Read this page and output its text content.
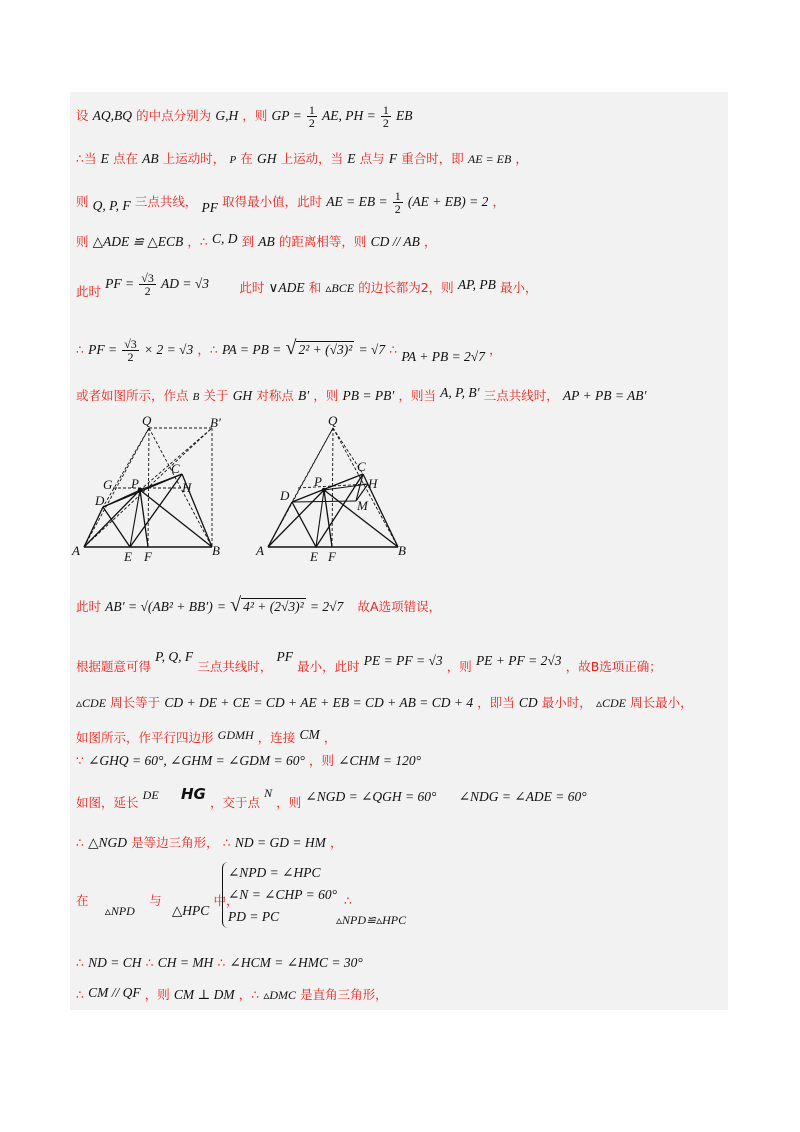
设 AQ,BQ 的中点分别为 G,H ，则 GP = $\frac{1}{2}$ AE, PH = $\frac{1}{2}$ EB
∴当 E 点在 AB 上运动时， P 在 GH 上运动，当 E 点与 F 重合时，即 AE = EB ，
则 Q, P, F 三点共线， PF 取得最小值，此时 AE = EB = $\frac{1}{2} (AE + EB) = 2$ ，
则 △ADE ≌ △ECB ，∴ C, D 到 AB 的距离相等，则 CD // AB ，
此时 PF = $\frac{√3}{2}$ AD = √3 此时 ∨ADE 和 ▵BCE 的边长都为2，则 AP, PB 最小，
∴ PF = $\frac{√3}{2} \times 2 = √3$ ，∴ PA = PB = √ 2² + (√3)² = √7 ∴ PA + PB = 2√7 ，
或者如图所示，作点 B 关于 GH 对称点 B′ ，则 PB = PB′ ，则当 A, P, B′ 三点共线时， AP + PB = AB′
Q	B′
G P
C
H
D
A	E F	B
Q
C
P	H
D
M
A	E F	B
此时 AB′ = √(AB² + BB′) = √ 4² + (2√3)² = 2√7 故A选项错误，
根据题意可得 P, Q, F 三点共线时， PF 最小，此时 PE = PF = √3 ，则 PE + PF = 2√3 ，故B选项正确；
▵CDE 周长等于 CD + DE + CE = CD + AE + EB = CD + AB = CD + 4 ，即当 CD 最小时， ▵CDE 周长最小，
如图所示，作平行四边形 GDMH ，连接 CM ，
∵ ∠GHQ = 60°, ∠GHM = ∠GDM = 60° ，则 ∠CHM = 120°
如图，延长 DE HG ，交于点 N ，则 ∠NGD = ∠QGH = 60° ∠NDG = ∠ADE = 60°
∴ △NGD 是等边三角形， ∴ ND = GD = HM ，
在  ▵NPD  与  △HPC 中，
∠NPD = ∠HPC
∠N = ∠CHP = 60°
PD = PC
∴
▵NPD≌▵HPC
∴ ND = CH ∴ CH = MH ∴ ∠HCM = ∠HMC = 30°
∴ CM // QF ，则 CM ⊥ DM ，∴ ▵DMC 是直角三角形，
